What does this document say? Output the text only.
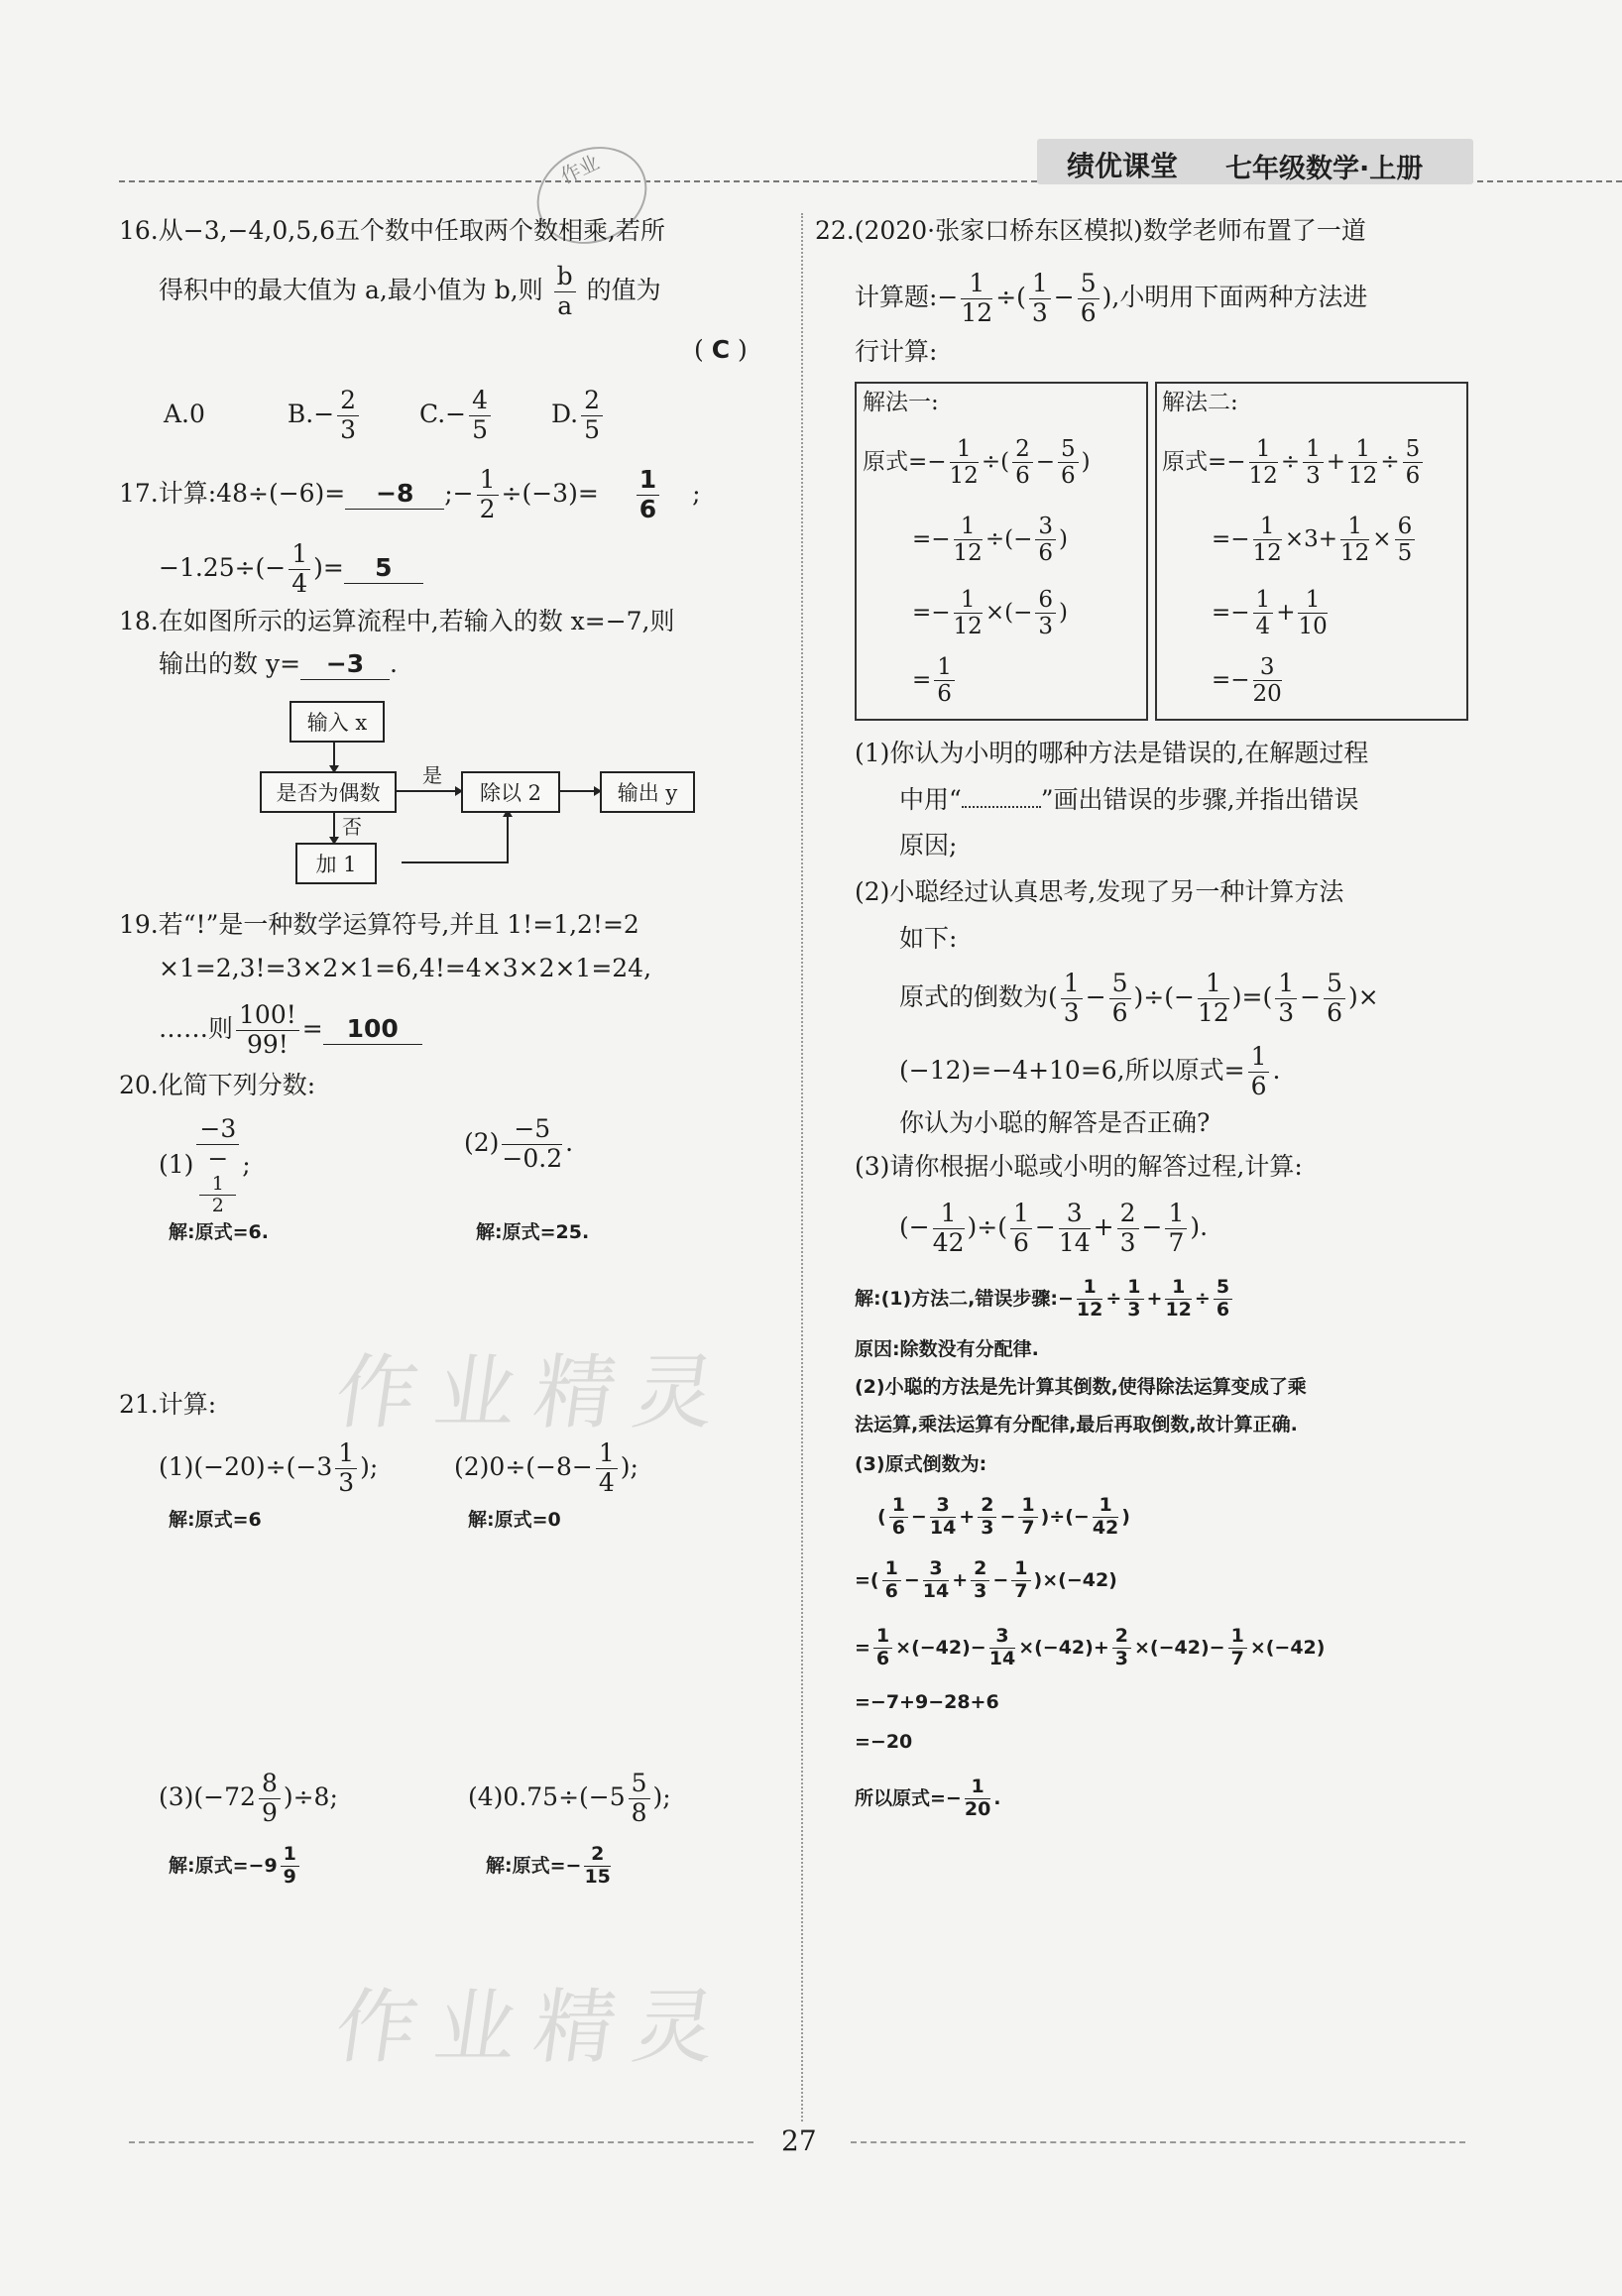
绩优课堂 七年级数学·上册
作业
作业精灵
作业精灵
16.从−3,−4,0,5,6五个数中任取两个数相乘,若所
得积中的最大值为 a,最小值为 b,则 $\frac{b}{a}$ 的值为
( C )
A.0	$B.- \frac{2}{3} C.- \frac{4}{5} D$. $\frac{2}{5}$
17.计算:48÷(−6)= −8 ;− $\frac{1}{2} \div(-3)= \frac{1}{6}$ ;
$-1.25\div(- \frac{1}{4}$ )= 5
18.在如图所示的运算流程中,若输入的数 x=−7,则
输出的数 y= −3 .
输入 x
是否为偶数
是
否
除以 2	输出 y
加 1
19.若“!”是一种数学运算符号,并且 1!=1,2!=2
×1=2,3!=3×2×1=6,4!=4×3×2×1=24,
……则 $\frac{100!}{99!} = 100$
20.化简下列分数:
(1) −3
−
1
2 ;
$(2) \frac{-5}{-0.2}$ .
解:原式=6.	解:原式=25.
21.计算:
$(1)(-20)\div(-3 \frac{1}{3}$ );	$(2)0\div(-8- \frac{1}{4}$ );
解:原式=6	解:原式=0
$(3)(-72 \frac{8}{9} )\div 8$;	$(4)0.75\div(-5 \frac{5}{8}$ );
解:原式$=-9 \frac{1}{9}$	解:原式=− $\frac{2}{15}$
22.(2020·张家口桥东区模拟)数学老师布置了一道
计算题:− $\frac{1}{12}$ ÷( $\frac{1}{3} - \frac{5}{6}$ ),小明用下面两种方法进
行计算:
解法一:
原式=− $\frac{1}{12}$ ÷( $\frac{2}{6} - \frac{5}{6}$ )
=− $\frac{1}{12}$ ÷(− $\frac{3}{6}$ )
=− $\frac{1}{12}$ ×(− $\frac{6}{3}$ )
= $\frac{1}{6}$
解法二:
原式=− $\frac{1}{12} \div \frac{1}{3} + \frac{1}{12} \div \frac{5}{6}$
=− $\frac{1}{12} \times 3+ \frac{1}{12} \times \frac{6}{5}$
=− $\frac{1}{4} + \frac{1}{10}$
=− $\frac{3}{20}$
(1)你认为小明的哪种方法是错误的,在解题过程
中用“	”画出错误的步骤,并指出错误
原因;
(2)小聪经过认真思考,发现了另一种计算方法
如下:
原式的倒数为( $\frac{1}{3} - \frac{5}{6}$ )÷(− $\frac{1}{12}$ )=( $\frac{1}{3} - \frac{5}{6}$ )×
(−12)=−4+10=6,所以原式= $\frac{1}{6}$ .
你认为小聪的解答是否正确?
(3)请你根据小聪或小明的解答过程,计算:
(− $\frac{1}{42}$ )÷( $\frac{1}{6} - \frac{3}{14} + \frac{2}{3} - \frac{1}{7}$ ).
解:(1)方法二,错误步骤:− $\frac{1}{12} \div \frac{1}{3} + \frac{1}{12} \div \frac{5}{6}$
原因:除数没有分配律.
(2)小聪的方法是先计算其倒数,使得除法运算变成了乘
法运算,乘法运算有分配律,最后再取倒数,故计算正确.
(3)原式倒数为:
( $\frac{1}{6} - \frac{3}{14} + \frac{2}{3} - \frac{1}{7}$ )÷(− $\frac{1}{42}$ )
=( $\frac{1}{6} - \frac{3}{14} + \frac{2}{3} - \frac{1}{7} )\times(-42)$
= $\frac{1}{6} \times(-42)- \frac{3}{14} \times(-42)+ \frac{2}{3} \times(-42)- \frac{1}{7} \times(-42)$
=−7+9−28+6
=−20
所以原式=− $\frac{1}{20}$ .
27
